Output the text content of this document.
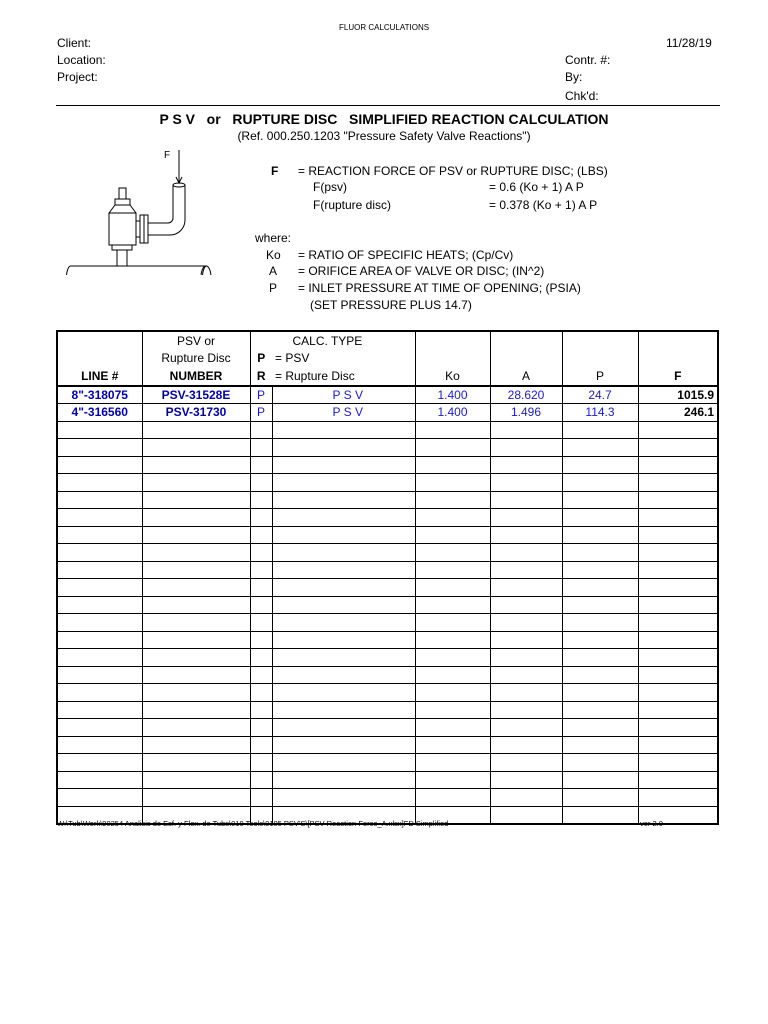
FLUOR CALCULATIONS
11/28/19
Client:
Location:
Project:
Contr. #:
By:
Chk'd:
P S V   or   RUPTURE DISC   SIMPLIFIED REACTION CALCULATION
(Ref. 000.250.1203 "Pressure Safety Valve Reactions")
F
F = REACTION FORCE OF PSV or RUPTURE DISC; (LBS)
F(psv)	= 0.6 (Ko + 1) A P
F(rupture disc)	= 0.378 (Ko + 1) A P
where:
Ko = RATIO OF SPECIFIC HEATS; (Cp/Cv)
A = ORIFICE AREA OF VALVE OR DISC; (IN^2)
P = INLET PRESSURE AT TIME OF OPENING; (PSIA)
(SET PRESSURE PLUS 14.7)
	PSV or	CALC. TYPE					
	Rupture Disc	P	= PSV				
LINE #	NUMBER	R	= Rupture Disc	Ko	A	P	F
8"-318075	PSV-31528E	P	P S V	1.400	28.620	24.7	1015.9
4"-316560	PSV-31730	P	P S V	1.400	1.496	114.3	246.1

W:\Tub\Work\90254 Analisis de Esf. y Flex. de Tubs\010 Tools\0105 PSV'S\[PSV Reaction Force_A.xlsx]FD Simplified	ver 2.0
